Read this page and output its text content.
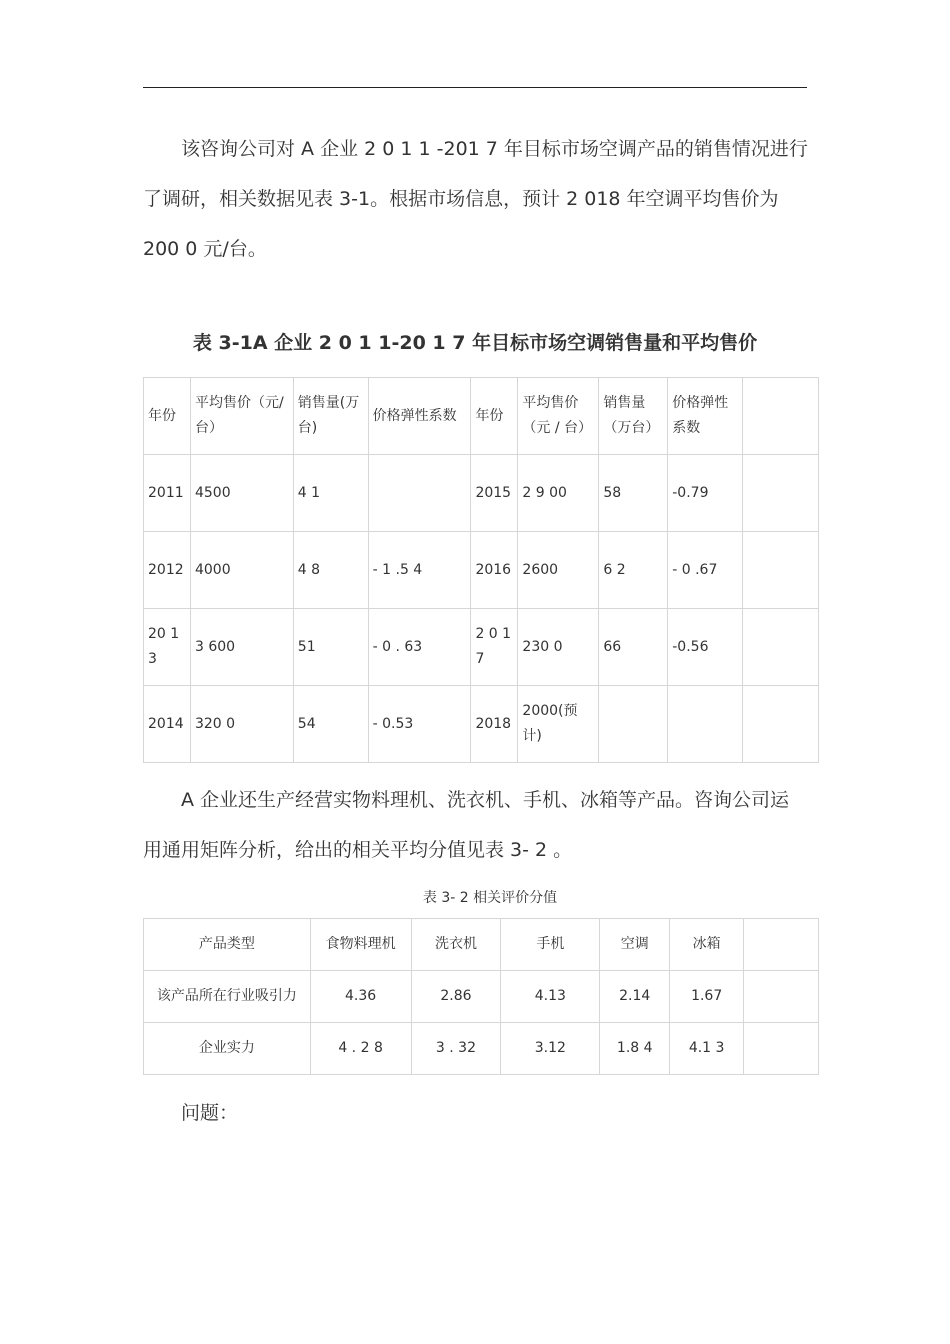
该咨询公司对 A 企业 2 0 1 1 -201 7 年目标市场空调产品的销售情况进行
了调研，相关数据见表 3-1。根据市场信息，预计 2 018 年空调平均售价为
200 0 元/台。
表 3-1A 企业 2 0 1 1-20 1 7 年目标市场空调销售量和平均售价
年份	平均售价（元/台）	销售量(万台)	价格弹性系数	年份	平均售价（元 / 台）	销售量（万台）	价格弹性系数	
2011	4500	4 1		2015	2 9 00	58	-0.79	
2012	4000	4 8	- 1 .5 4	2016	2600	6 2	- 0 .67	
20 1 3	3 600	51	- 0 . 63	2 0 1 7	230 0	66	-0.56	
2014	320 0	54	- 0.53	2018	2000(预计)			
A 企业还生产经营实物料理机、洗衣机、手机、冰箱等产品。咨询公司运
用通用矩阵分析，给出的相关平均分值见表 3- 2 。
表 3- 2 相关评价分值
产品类型	食物料理机	洗衣机	手机	空调	冰箱	
该产品所在行业吸引力	4.36	2.86	4.13	2.14	1.67	
企业实力	4 . 2 8	3 . 32	3.12	1.8 4	4.1 3	
问题：
